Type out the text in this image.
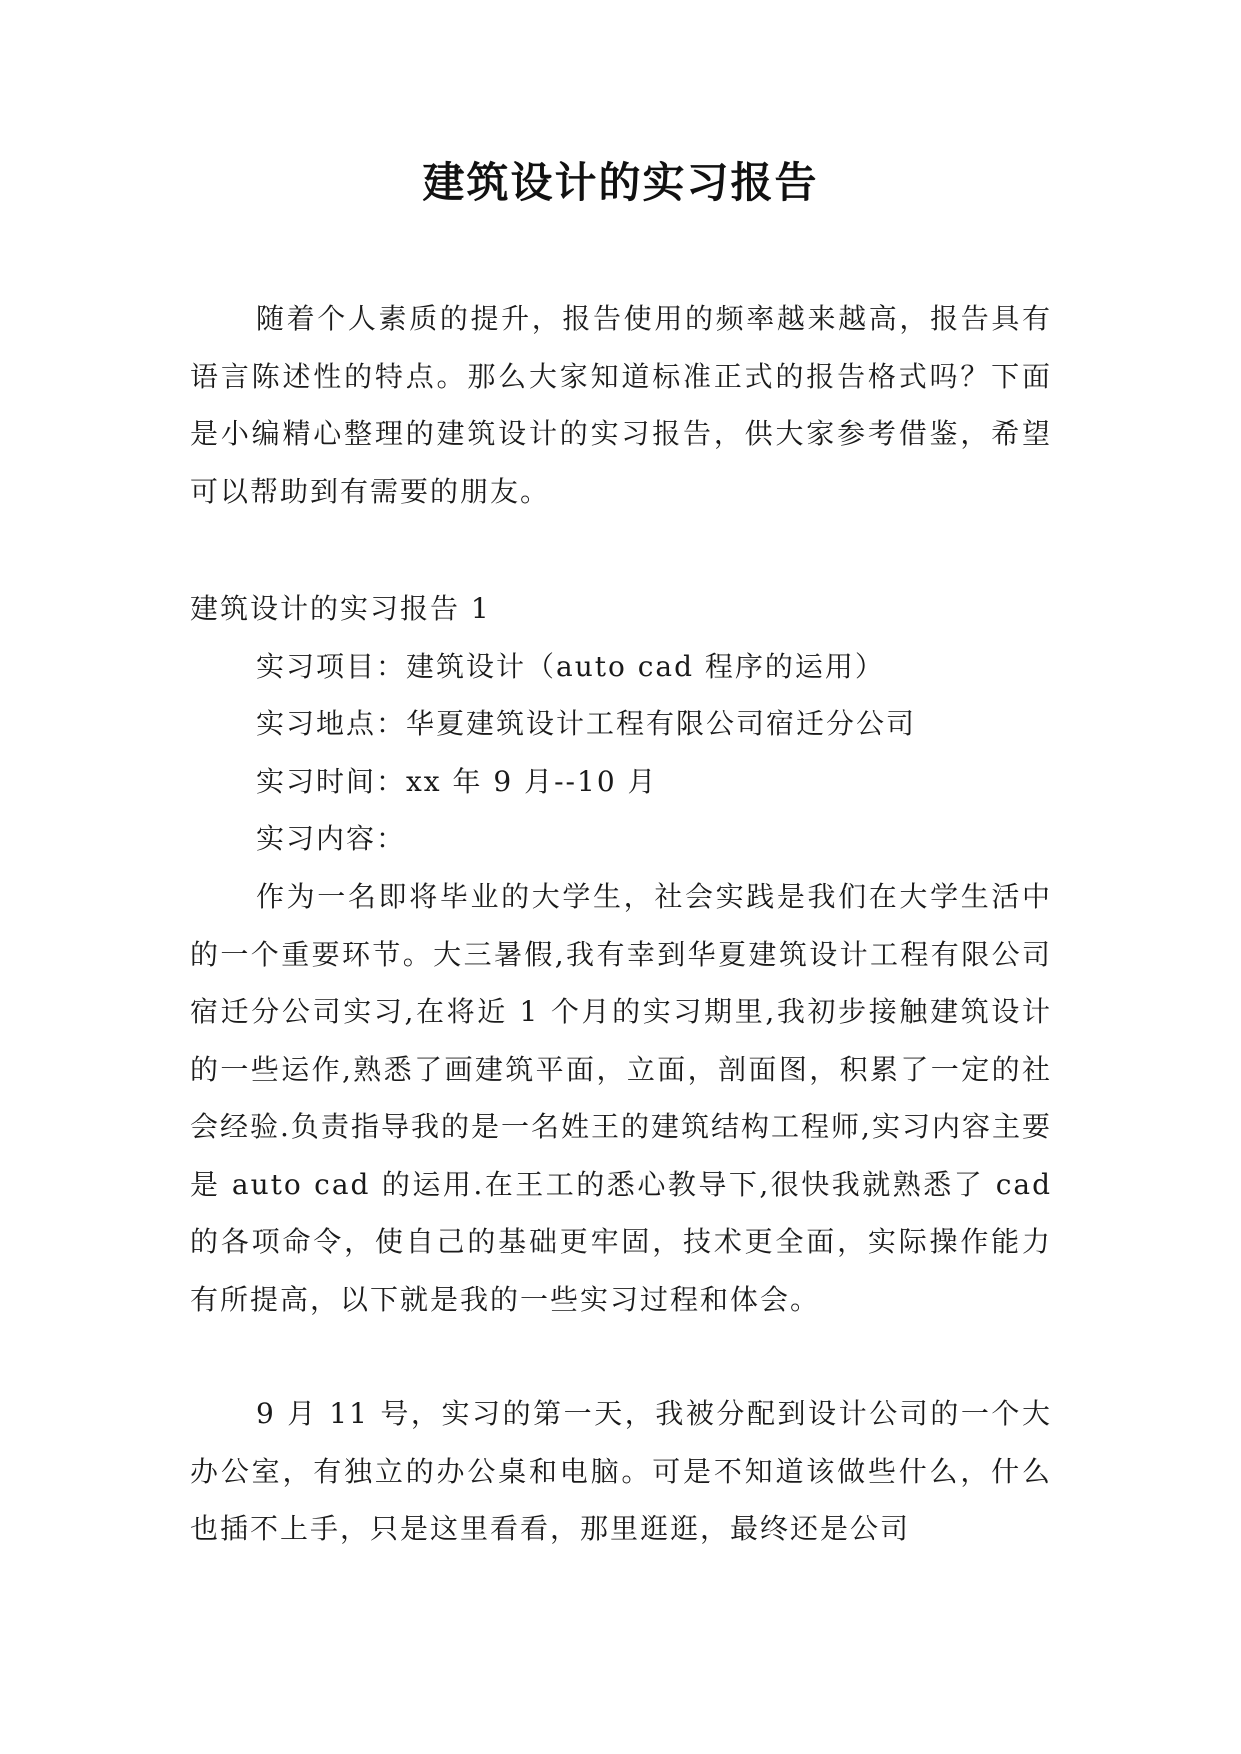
建筑设计的实习报告

随着个人素质的提升，报告使用的频率越来越高，报告具有语言陈述性的特点。那么大家知道标准正式的报告格式吗？下面是小编精心整理的建筑设计的实习报告，供大家参考借鉴，希望可以帮助到有需要的朋友。

建筑设计的实习报告 1

实习项目：建筑设计（auto cad 程序的运用）

实习地点：华夏建筑设计工程有限公司宿迁分公司

实习时间：xx 年 9 月--10 月

实习内容：

作为一名即将毕业的大学生，社会实践是我们在大学生活中的一个重要环节。大三暑假,我有幸到华夏建筑设计工程有限公司宿迁分公司实习,在将近 1 个月的实习期里,我初步接触建筑设计的一些运作,熟悉了画建筑平面，立面，剖面图，积累了一定的社会经验.负责指导我的是一名姓王的建筑结构工程师,实习内容主要是 auto cad 的运用.在王工的悉心教导下,很快我就熟悉了 cad 的各项命令，使自己的基础更牢固，技术更全面，实际操作能力有所提高，以下就是我的一些实习过程和体会。

9 月 11 号，实习的第一天，我被分配到设计公司的一个大办公室，有独立的办公桌和电脑。可是不知道该做些什么，什么也插不上手，只是这里看看，那里逛逛，最终还是公司
